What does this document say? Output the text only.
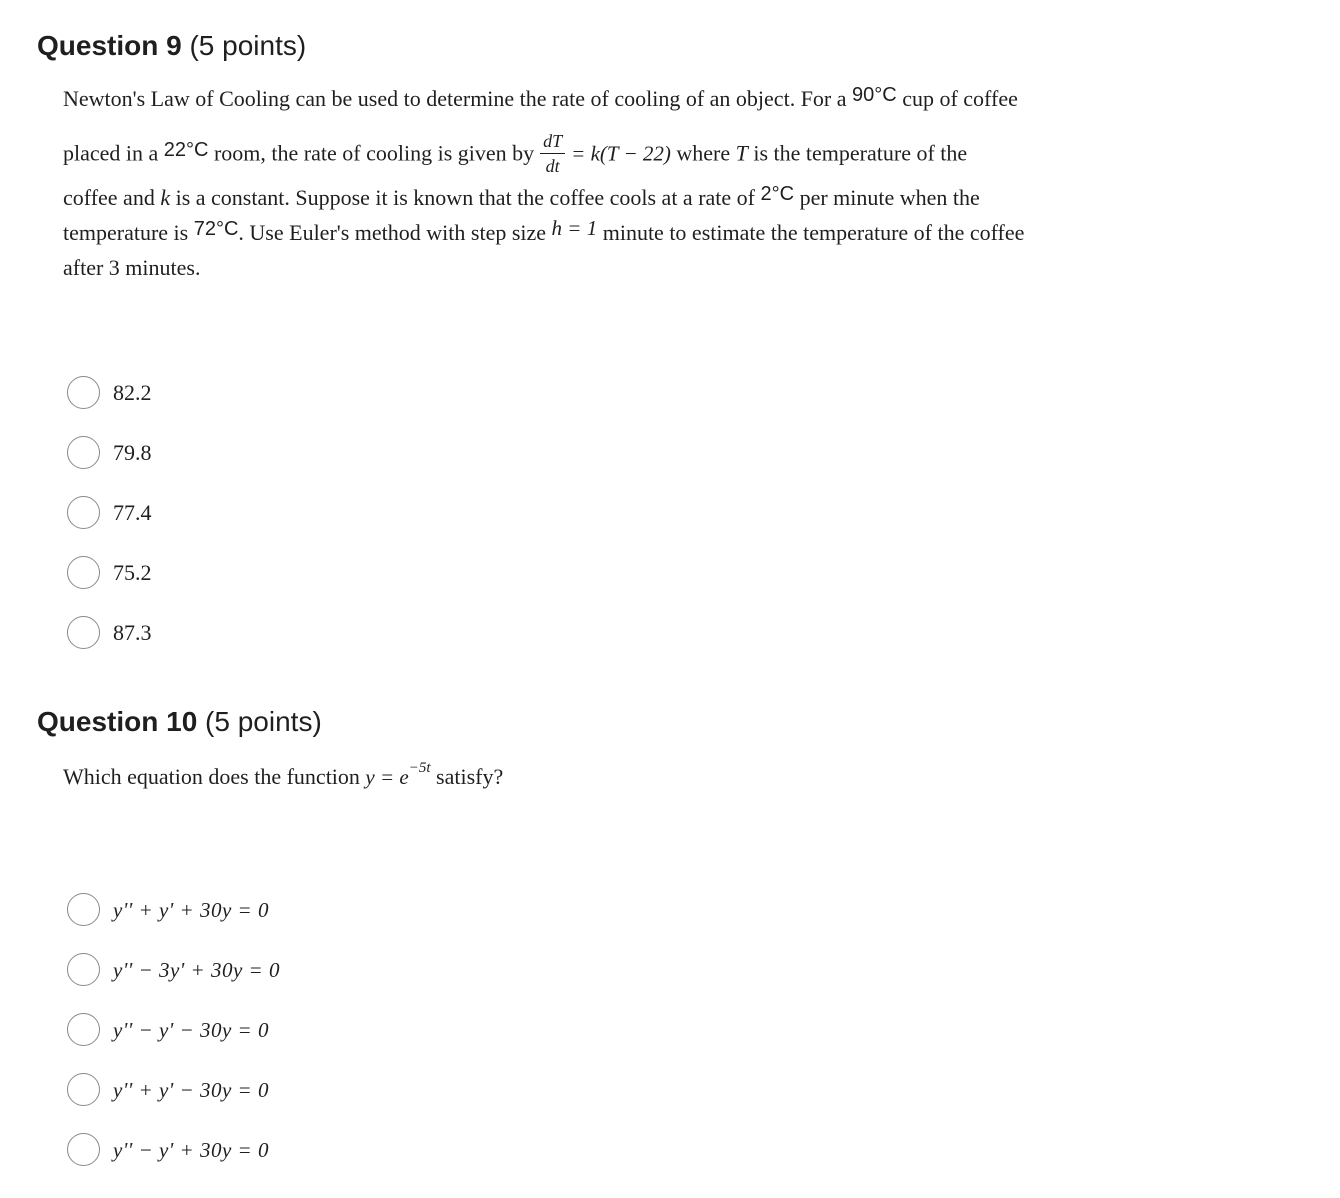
Question 9 (5 points)
Newton's Law of Cooling can be used to determine the rate of cooling of an object. For a 90°C cup of coffee
placed in a 22°C room, the rate of cooling is given by $\frac{dT}{dt} = k(T - 22)$ where T is the temperature of the
coffee and k is a constant. Suppose it is known that the coffee cools at a rate of 2°C per minute when the
temperature is 72°C. Use Euler's method with step size h = 1 minute to estimate the temperature of the coffee
after 3 minutes.
82.2
79.8
77.4
75.2
87.3
Question 10 (5 points)
Which equation does the function $y = e^{-5t}$ satisfy?
y'' + y' + 30y = 0
y'' − 3y' + 30y = 0
y'' − y' − 30y = 0
y'' + y' − 30y = 0
y'' − y' + 30y = 0
